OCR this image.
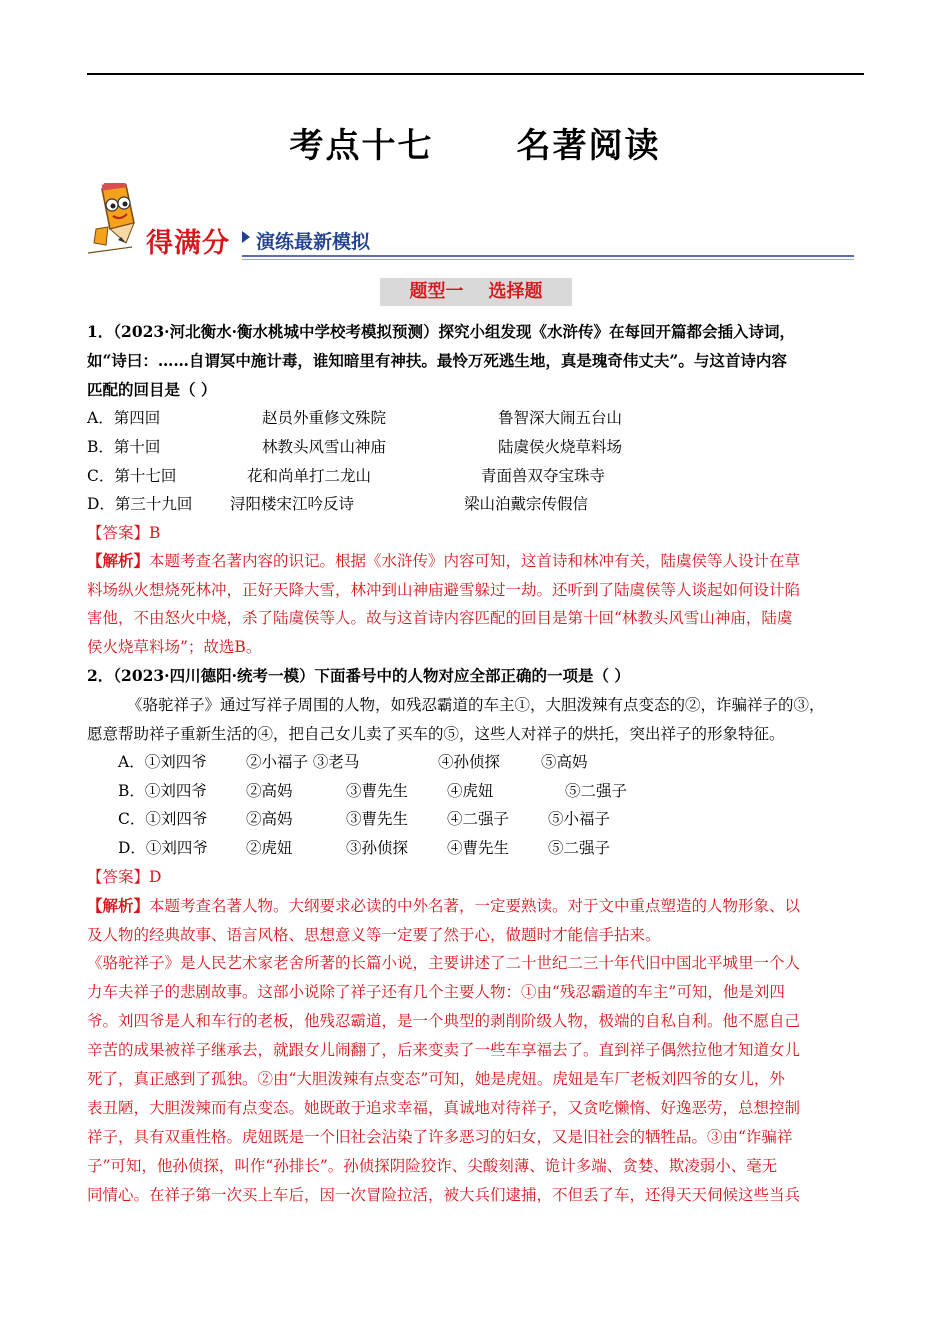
考点十七      名著阅读
得满分 演练最新模拟
题型一    选择题
1．（2023·河北衡水·衡水桃城中学校考模拟预测）探究小组发现《水浒传》在每回开篇都会插入诗词，
如“诗曰：……自谓冥中施计毒，谁知暗里有神扶。最怜万死逃生地，真是瑰奇伟丈夫”。与这首诗内容
匹配的回目是（ ）
A．第四回	赵员外重修文殊院	鲁智深大闹五台山
B．第十回	林教头风雪山神庙	陆虞侯火烧草料场
C．第十七回	花和尚单打二龙山	青面兽双夺宝珠寺
D．第三十九回 浔阳楼宋江吟反诗	梁山泊戴宗传假信
【答案】B
【解析】本题考查名著内容的识记。根据《水浒传》内容可知，这首诗和林冲有关，陆虞侯等人设计在草
料场纵火想烧死林冲，正好天降大雪，林冲到山神庙避雪躲过一劫。还听到了陆虞侯等人谈起如何设计陷
害他，不由怒火中烧，杀了陆虞侯等人。故与这首诗内容匹配的回目是第十回“林教头风雪山神庙，陆虞
侯火烧草料场”；故选B。
2．（2023·四川德阳·统考一模）下面番号中的人物对应全部正确的一项是（ ）
《骆驼祥子》通过写祥子周围的人物，如残忍霸道的车主①，大胆泼辣有点变态的②，诈骗祥子的③，
愿意帮助祥子重新生活的④，把自己女儿卖了买车的⑤，这些人对祥子的烘托，突出祥子的形象特征。
A．①刘四爷	②小福子 ③老马	④孙侦探	⑤高妈
B．①刘四爷	②高妈	③曹先生	④虎妞	⑤二强子
C．①刘四爷 ②高妈	③曹先生	④二强子	⑤小福子
D．①刘四爷 ②虎妞	③孙侦探	④曹先生	⑤二强子
【答案】D
【解析】本题考查名著人物。大纲要求必读的中外名著，一定要熟读。对于文中重点塑造的人物形象、以
及人物的经典故事、语言风格、思想意义等一定要了然于心，做题时才能信手拈来。
《骆驼祥子》是人民艺术家老舍所著的长篇小说，主要讲述了二十世纪二三十年代旧中国北平城里一个人
力车夫祥子的悲剧故事。这部小说除了祥子还有几个主要人物：①由“残忍霸道的车主”可知，他是刘四
爷。刘四爷是人和车行的老板，他残忍霸道，是一个典型的剥削阶级人物，极端的自私自利。他不愿自己
辛苦的成果被祥子继承去，就跟女儿闹翻了，后来变卖了一些车享福去了。直到祥子偶然拉他才知道女儿
死了，真正感到了孤独。②由“大胆泼辣有点变态”可知，她是虎妞。虎妞是车厂老板刘四爷的女儿，外
表丑陋，大胆泼辣而有点变态。她既敢于追求幸福，真诚地对待祥子，又贪吃懒惰、好逸恶劳，总想控制
祥子，具有双重性格。虎妞既是一个旧社会沾染了许多恶习的妇女，又是旧社会的牺牲品。③由“诈骗祥
子”可知，他孙侦探，叫作“孙排长”。孙侦探阴险狡诈、尖酸刻薄、诡计多端、贪婪、欺凌弱小、毫无
同情心。在祥子第一次买上车后，因一次冒险拉活，被大兵们逮捕，不但丢了车，还得天天伺候这些当兵
